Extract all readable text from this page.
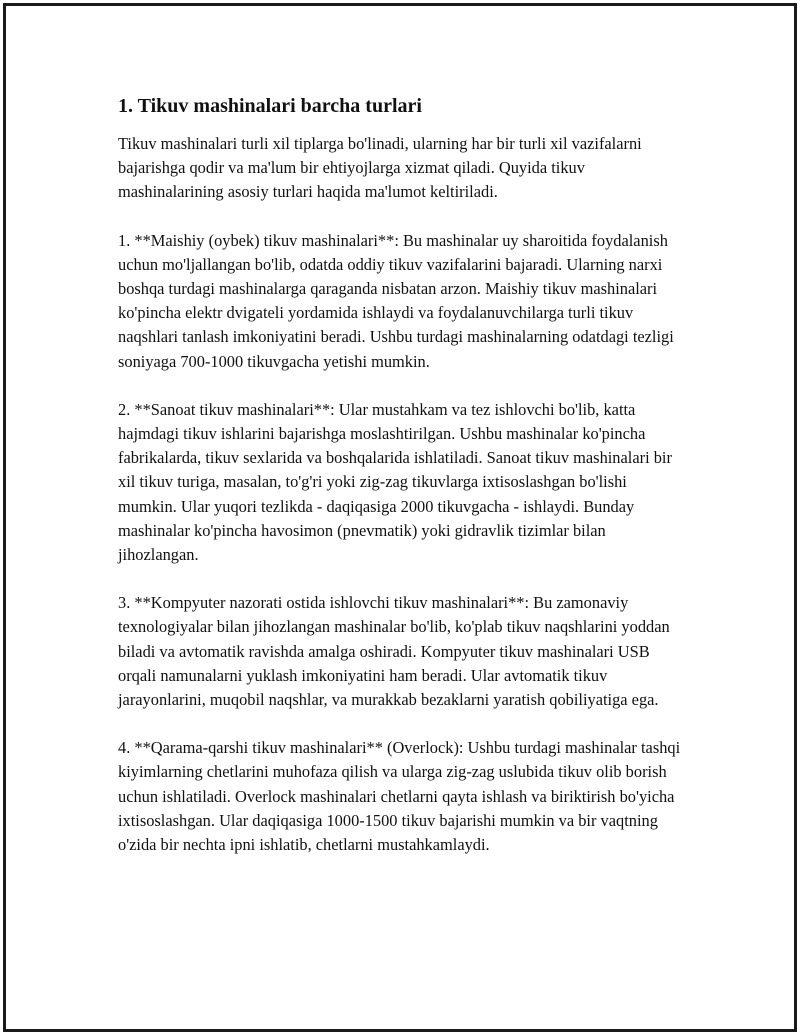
1. Tikuv mashinalari barcha turlari

Tikuv mashinalari turli xil tiplarga bo'linadi, ularning har bir turli xil vazifalarni bajarishga qodir va ma'lum bir ehtiyojlarga xizmat qiladi. Quyida tikuv mashinalarining asosiy turlari haqida ma'lumot keltiriladi.

1. **Maishiy (oybek) tikuv mashinalari**: Bu mashinalar uy sharoitida foydalanish uchun mo'ljallangan bo'lib, odatda oddiy tikuv vazifalarini bajaradi. Ularning narxi boshqa turdagi mashinalarga qaraganda nisbatan arzon. Maishiy tikuv mashinalari ko'pincha elektr dvigateli yordamida ishlaydi va foydalanuvchilarga turli tikuv naqshlari tanlash imkoniyatini beradi. Ushbu turdagi mashinalarning odatdagi tezligi soniyaga 700-1000 tikuvgacha yetishi mumkin.

2. **Sanoat tikuv mashinalari**: Ular mustahkam va tez ishlovchi bo'lib, katta hajmdagi tikuv ishlarini bajarishga moslashtirilgan. Ushbu mashinalar ko'pincha fabrikalarda, tikuv sexlarida va boshqalarida ishlatiladi. Sanoat tikuv mashinalari bir xil tikuv turiga, masalan, to'g'ri yoki zig-zag tikuvlarga ixtisoslashgan bo'lishi mumkin. Ular yuqori tezlikda - daqiqasiga 2000 tikuvgacha - ishlaydi. Bunday mashinalar ko'pincha havosimon (pnevmatik) yoki gidravlik tizimlar bilan jihozlangan.

3. **Kompyuter nazorati ostida ishlovchi tikuv mashinalari**: Bu zamonaviy texnologiyalar bilan jihozlangan mashinalar bo'lib, ko'plab tikuv naqshlarini yoddan biladi va avtomatik ravishda amalga oshiradi. Kompyuter tikuv mashinalari USB orqali namunalarni yuklash imkoniyatini ham beradi. Ular avtomatik tikuv jarayonlarini, muqobil naqshlar, va murakkab bezaklarni yaratish qobiliyatiga ega.

4. **Qarama-qarshi tikuv mashinalari** (Overlock): Ushbu turdagi mashinalar tashqi kiyimlarning chetlarini muhofaza qilish va ularga zig-zag uslubida tikuv olib borish uchun ishlatiladi. Overlock mashinalari chetlarni qayta ishlash va biriktirish bo'yicha ixtisoslashgan. Ular daqiqasiga 1000-1500 tikuv bajarishi mumkin va bir vaqtning o'zida bir nechta ipni ishlatib, chetlarni mustahkamlaydi.
